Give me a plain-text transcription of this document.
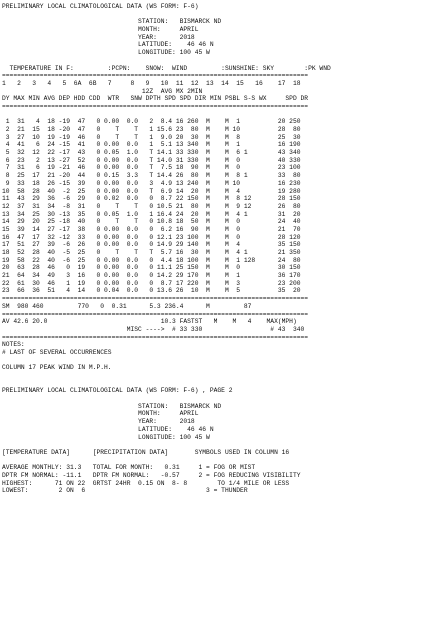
PRELIMINARY LOCAL CLIMATOLOGICAL DATA (WS FORM: F-6)
STATION:   BISMARCK ND
MONTH:     APRIL
YEAR:      2018
LATITUDE:    46 46 N
LONGITUDE: 100 45 W
TEMPERATURE IN F:         :PCPN:    SNOW:  WIND         :SUNSHINE: SKY        :PK WND
=================================================================================
1   2   3   4   5  6A  6B   7     8   9   10  11  12  13  14  15   16    17  18
12Z  AVG MX 2MIN
DY MAX MIN AVG DEP HDD CDD  WTR   SNW DPTH SPD SPD DIR MIN PSBL S-S WX     SPD DR
=================================================================================
1  31   4  18 -19  47   0 0.00  0.0   2  8.4 16 260  M    M  1          20 250
2  21  15  18 -20  47   0    T    T   1 15.6 23  80  M    M 10          28  80
3  27  10  19 -19  46   0    T    T   1  9.0 20  30  M    M  8          25  30
4  41   6  24 -15  41   0 0.00  0.0   1  5.1 13 340  M    M  1          16 190
5  32  12  22 -17  43   0 0.05  1.0   T 14.1 33 330  M    M  6 1        43 340
6  23   2  13 -27  52   0 0.00  0.0   T 14.0 31 330  M    M  0          40 330
7  31   6  19 -21  46   0 0.00  0.0   T  7.5 18  90  M    M  0          23 100
8  25  17  21 -20  44   0 0.15  3.3   T 14.4 26  80  M    M  8 1        33  80
9  33  18  26 -15  39   0 0.00  0.0   3  4.9 13 240  M    M 10          16 230
10  58  28  40  -2  25   0 0.00  0.0   T  6.9 14  20  M    M  4          19 280
11  43  29  36  -6  29   0 0.02  0.0   0  8.7 22 150  M    M  8 12       28 150
12  37  31  34  -8  31   0    T    T   0 10.5 21  80  M    M  9 12       26  80
13  34  25  30 -13  35   0 0.05  1.0   1 16.4 24  20  M    M  4 1        31  20
14  29  20  25 -18  40   0    T    T   0 10.8 18  50  M    M  0          24  40
15  39  14  27 -17  38   0 0.00  0.0   0  6.2 16  90  M    M  0          21  70
16  47  17  32 -12  33   0 0.00  0.0   0 12.1 23 100  M    M  0          28 120
17  51  27  39  -6  26   0 0.00  0.0   0 14.9 29 140  M    M  4          35 150
18  52  28  40  -5  25   0    T    T   T  5.7 16  30  M    M  4 1        21 350
19  58  22  40  -6  25   0 0.00  0.0   0  4.4 18 100  M    M  1 128      24  80
20  63  28  46   0  19   0 0.00  0.0   0 11.1 25 150  M    M  0          30 150
21  64  34  49   3  16   0 0.00  0.0   0 14.2 29 170  M    M  1          36 170
22  61  30  46   1  19   0 0.00  0.0   0  8.7 17 220  M    M  3          23 200
23  66  36  51   4  14   0 0.04  0.0   0 13.6 26  10  M    M  5          35  20
=================================================================================
SM  980 460         770   0  0.31      5.3 236.4      M         87
=================================================================================
AV 42.6 20.0                              10.3 FASTST   M    M   4    MAX(MPH)
MISC ---->  # 33 330                  # 43  340
=================================================================================
NOTES:
# LAST OF SEVERAL OCCURRENCES
COLUMN 17 PEAK WIND IN M.P.H.
PRELIMINARY LOCAL CLIMATOLOGICAL DATA (WS FORM: F-6) , PAGE 2
STATION:   BISMARCK ND
MONTH:     APRIL
YEAR:      2018
LATITUDE:    46 46 N
LONGITUDE: 100 45 W
[TEMPERATURE DATA]      [PRECIPITATION DATA]       SYMBOLS USED IN COLUMN 16
AVERAGE MONTHLY: 31.3   TOTAL FOR MONTH:   0.31     1 = FOG OR MIST
DPTR FM NORMAL: -11.1   DPTR FM NORMAL:   -0.57     2 = FOG REDUCING VISIBILITY
HIGHEST:      71 ON 22  GRTST 24HR  0.15 ON  8- 8        TO 1/4 MILE OR LESS
LOWEST:        2 ON  6                                3 = THUNDER
